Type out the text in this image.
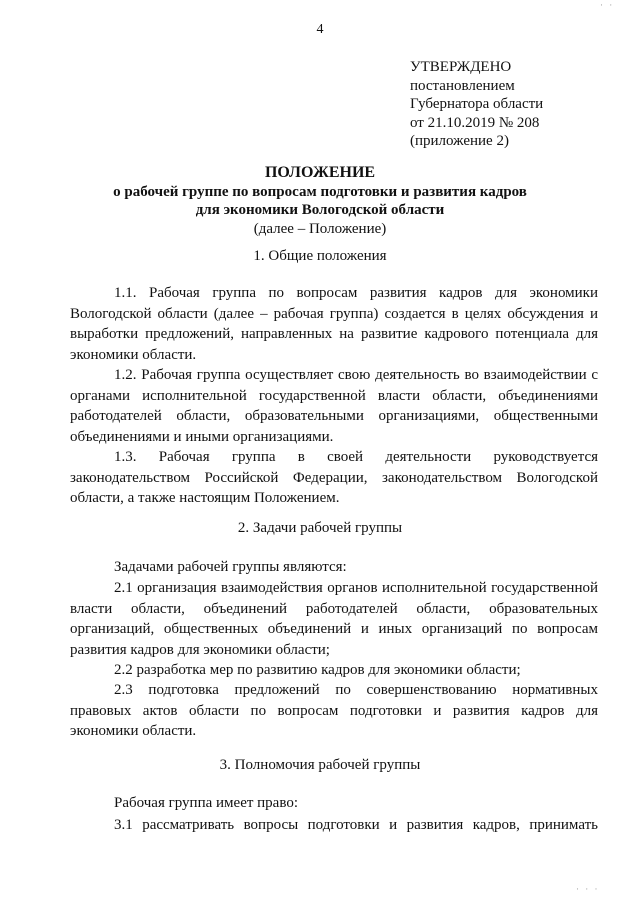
4
УТВЕРЖДЕНО
постановлением
Губернатора области
от 21.10.2019 № 208
(приложение 2)
ПОЛОЖЕНИЕ
о рабочей группе по вопросам подготовки и развития кадров
для экономики Вологодской области
(далее – Положение)
1. Общие положения
1.1. Рабочая группа по вопросам развития кадров для экономики
Вологодской области (далее – рабочая группа) создается в целях обсуждения и
выработки предложений, направленных на развитие кадрового потенциала для
экономики области.
1.2. Рабочая группа осуществляет свою деятельность во взаимодействии с
органами исполнительной государственной власти области, объединениями
работодателей области, образовательными организациями, общественными
объединениями и иными организациями.
1.3. Рабочая группа в своей деятельности руководствуется
законодательством Российской Федерации, законодательством Вологодской
области, а также настоящим Положением.
2. Задачи рабочей группы
Задачами рабочей группы являются:
2.1 организация взаимодействия органов исполнительной государственной
власти области, объединений работодателей области, образовательных
организаций, общественных объединений и иных организаций по вопросам
развития кадров для экономики области;
2.2 разработка мер по развитию кадров для экономики области;
2.3 подготовка предложений по совершенствованию нормативных
правовых актов области по вопросам подготовки и развития кадров для
экономики области.
3. Полномочия рабочей группы
Рабочая группа имеет право:
3.1 рассматривать вопросы подготовки и развития кадров, принимать
· ·
· · ·
